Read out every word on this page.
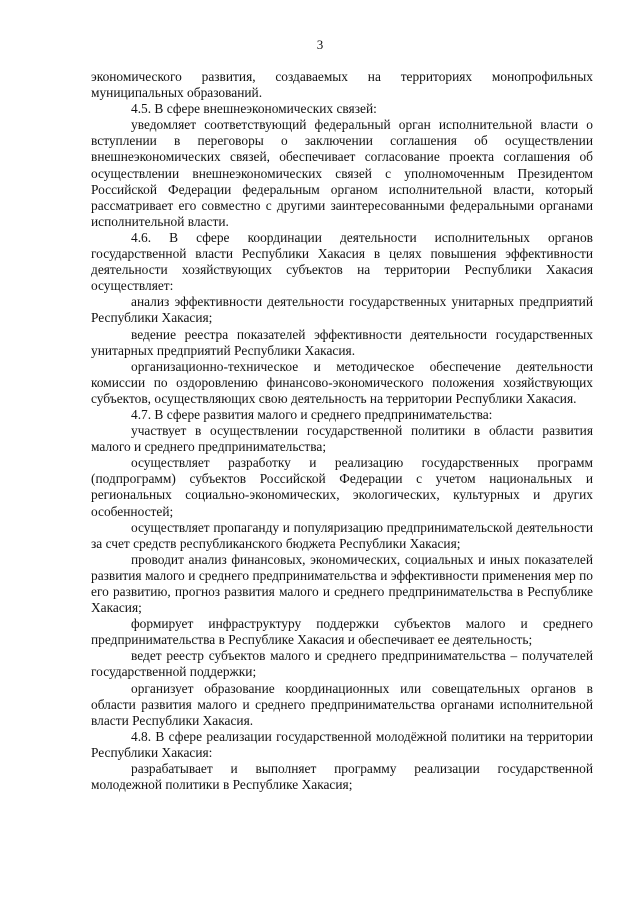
3

экономического развития, создаваемых на территориях монопрофильных муниципальных образований.

4.5. В сфере внешнеэкономических связей:

уведомляет соответствующий федеральный орган исполнительной власти о вступлении в переговоры о заключении соглашения об осуществлении внешнеэкономических связей, обеспечивает согласование проекта соглашения об осуществлении внешнеэкономических связей с уполномоченным Президентом Российской Федерации федеральным органом исполнительной власти, который рассматривает его совместно с другими заинтересованными федеральными органами исполнительной власти.

4.6. В сфере координации деятельности исполнительных органов государственной власти Республики Хакасия в целях повышения эффективности деятельности хозяйствующих субъектов на территории Республики Хакасия осуществляет:

анализ эффективности деятельности государственных унитарных предприятий Республики Хакасия;

ведение реестра показателей эффективности деятельности государственных унитарных предприятий Республики Хакасия.

организационно-техническое и методическое обеспечение деятельности комиссии по оздоровлению финансово-экономического положения хозяйствующих субъектов, осуществляющих свою деятельность на территории Республики Хакасия.

4.7. В сфере развития малого и среднего предпринимательства:

участвует в осуществлении государственной политики в области развития малого и среднего предпринимательства;

осуществляет разработку и реализацию государственных программ (подпрограмм) субъектов Российской Федерации с учетом национальных и региональных социально-экономических, экологических, культурных и других особенностей;

осуществляет пропаганду и популяризацию предпринимательской деятельности за счет средств республиканского бюджета Республики Хакасия;

проводит анализ финансовых, экономических, социальных и иных показателей развития малого и среднего предпринимательства и эффективности применения мер по его развитию, прогноз развития малого и среднего предпринимательства в Республике Хакасия;

формирует инфраструктуру поддержки субъектов малого и среднего предпринимательства в Республике Хакасия и обеспечивает ее деятельность;

ведет реестр субъектов малого и среднего предпринимательства – получателей государственной поддержки;

организует образование координационных или совещательных органов в области развития малого и среднего предпринимательства органами исполнительной власти Республики Хакасия.

4.8. В сфере реализации государственной молодёжной политики на территории Республики Хакасия:

разрабатывает и выполняет программу реализации государственной молодежной политики в Республике Хакасия;
